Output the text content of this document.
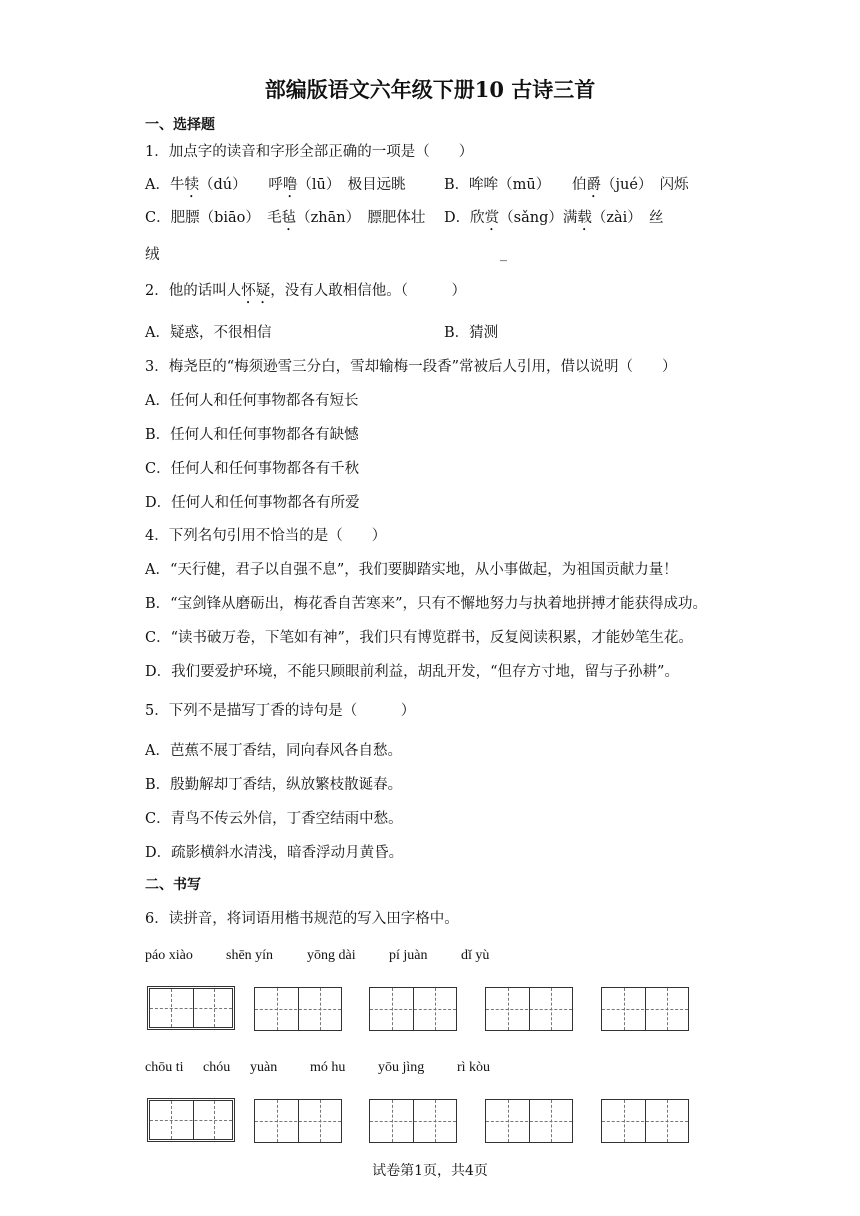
部编版语文六年级下册10 古诗三首
一、选择题
1．加点字的读音和字形全部正确的一项是（　　）
A．牛犊（dú）　　呼噜（lū）　极目远眺	B．哞哞（mū）　　伯爵（jué）　闪烁
C．肥膘（biāo）　毛毡（zhān）　膘肥体壮 D．欣赏（sǎng）满载（zài）　丝
绒	_
2．他的话叫人怀疑，没有人敢相信他。（　　　）
A．疑惑，不很相信	B．猜测
3．梅尧臣的“梅须逊雪三分白，雪却输梅一段香”常被后人引用，借以说明（　　）
A．任何人和任何事物都各有短长
B．任何人和任何事物都各有缺憾
C．任何人和任何事物都各有千秋
D．任何人和任何事物都各有所爱
4．下列名句引用不恰当的是（　　）
A．“天行健，君子以自强不息”，我们要脚踏实地，从小事做起，为祖国贡献力量！
B．“宝剑锋从磨砺出，梅花香自苦寒来”，只有不懈地努力与执着地拼搏才能获得成功。
C．“读书破万卷，下笔如有神”，我们只有博览群书，反复阅读积累，才能妙笔生花。
D．我们要爱护环境，不能只顾眼前利益，胡乱开发，“但存方寸地，留与子孙耕”。
5．下列不是描写丁香的诗句是（　　　）
A．芭蕉不展丁香结，同向春风各自愁。
B．殷勤解却丁香结，纵放繁枝散诞春。
C．青鸟不传云外信，丁香空结雨中愁。
D．疏影横斜水清浅，暗香浮动月黄昏。
二、书写
6．读拼音，将词语用楷书规范的写入田字格中。
páo xiào shēn yín yōng dài pí juàn dǐ yù
chōu ti chóu yuàn mó hu yōu jìng rì kòu
试卷第1页，共4页
